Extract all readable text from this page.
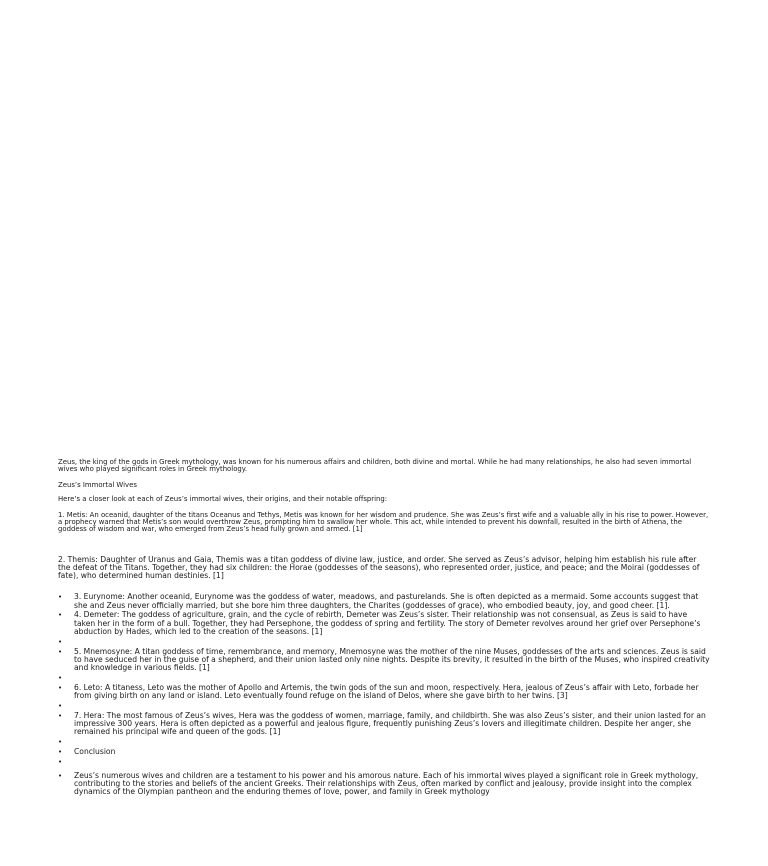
Zeus, the king of the gods in Greek mythology, was known for his numerous affairs and children, both divine and mortal. While he had many relationships, he also had seven immortal wives who played significant roles in Greek mythology.

Zeus’s Immortal Wives

Here’s a closer look at each of Zeus’s immortal wives, their origins, and their notable offspring:

1. Metis: An oceanid, daughter of the titans Oceanus and Tethys, Metis was known for her wisdom and prudence. She was Zeus’s first wife and a valuable ally in his rise to power. However, a prophecy warned that Metis’s son would overthrow Zeus, prompting him to swallow her whole. This act, while intended to prevent his downfall, resulted in the birth of Athena, the goddess of wisdom and war, who emerged from Zeus’s head fully grown and armed. [1]

2. Themis: Daughter of Uranus and Gaia, Themis was a titan goddess of divine law, justice, and order. She served as Zeus’s advisor, helping him establish his rule after the defeat of the Titans. Together, they had six children: the Horae (goddesses of the seasons), who represented order, justice, and peace; and the Moirai (goddesses of fate), who determined human destinies. [1]

• 3. Eurynome: Another oceanid, Eurynome was the goddess of water, meadows, and pasturelands. She is often depicted as a mermaid. Some accounts suggest that she and Zeus never officially married, but she bore him three daughters, the Charites (goddesses of grace), who embodied beauty, joy, and good cheer. [1].
• 4. Demeter: The goddess of agriculture, grain, and the cycle of rebirth, Demeter was Zeus’s sister. Their relationship was not consensual, as Zeus is said to have taken her in the form of a bull. Together, they had Persephone, the goddess of spring and fertility. The story of Demeter revolves around her grief over Persephone’s abduction by Hades, which led to the creation of the seasons. [1]
•
• 5. Mnemosyne: A titan goddess of time, remembrance, and memory, Mnemosyne was the mother of the nine Muses, goddesses of the arts and sciences. Zeus is said to have seduced her in the guise of a shepherd, and their union lasted only nine nights. Despite its brevity, it resulted in the birth of the Muses, who inspired creativity and knowledge in various fields. [1]
•
• 6. Leto: A titaness, Leto was the mother of Apollo and Artemis, the twin gods of the sun and moon, respectively. Hera, jealous of Zeus’s affair with Leto, forbade her from giving birth on any land or island. Leto eventually found refuge on the island of Delos, where she gave birth to her twins. [3]
•
• 7. Hera: The most famous of Zeus’s wives, Hera was the goddess of women, marriage, family, and childbirth. She was also Zeus’s sister, and their union lasted for an impressive 300 years. Hera is often depicted as a powerful and jealous figure, frequently punishing Zeus’s lovers and illegitimate children. Despite her anger, she remained his principal wife and queen of the gods. [1]
•
• Conclusion
•
• Zeus’s numerous wives and children are a testament to his power and his amorous nature. Each of his immortal wives played a significant role in Greek mythology, contributing to the stories and beliefs of the ancient Greeks. Their relationships with Zeus, often marked by conflict and jealousy, provide insight into the complex dynamics of the Olympian pantheon and the enduring themes of love, power, and family in Greek mythology
